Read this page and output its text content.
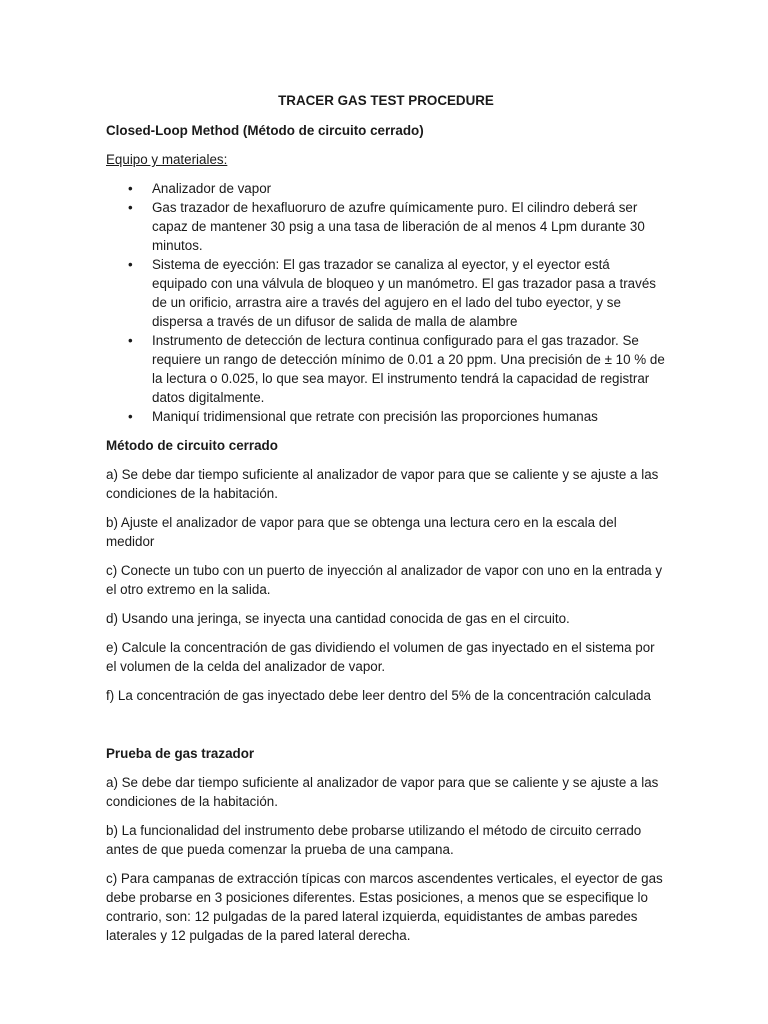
TRACER GAS TEST PROCEDURE
Closed-Loop Method (Método de circuito cerrado)
Equipo y materiales:
• Analizador de vapor
• Gas trazador de hexafluoruro de azufre químicamente puro. El cilindro deberá ser capaz de mantener 30 psig a una tasa de liberación de al menos 4 Lpm durante 30 minutos.
• Sistema de eyección: El gas trazador se canaliza al eyector, y el eyector está equipado con una válvula de bloqueo y un manómetro. El gas trazador pasa a través de un orificio, arrastra aire a través del agujero en el lado del tubo eyector, y se dispersa a través de un difusor de salida de malla de alambre
• Instrumento de detección de lectura continua configurado para el gas trazador. Se requiere un rango de detección mínimo de 0.01 a 20 ppm. Una precisión de ± 10 % de la lectura o 0.025, lo que sea mayor. El instrumento tendrá la capacidad de registrar datos digitalmente.
• Maniquí tridimensional que retrate con precisión las proporciones humanas
Método de circuito cerrado

a) Se debe dar tiempo suficiente al analizador de vapor para que se caliente y se ajuste a las condiciones de la habitación.

b) Ajuste el analizador de vapor para que se obtenga una lectura cero en la escala del medidor

c) Conecte un tubo con un puerto de inyección al analizador de vapor con uno en la entrada y el otro extremo en la salida.

d) Usando una jeringa, se inyecta una cantidad conocida de gas en el circuito.

e) Calcule la concentración de gas dividiendo el volumen de gas inyectado en el sistema por el volumen de la celda del analizador de vapor.

f) La concentración de gas inyectado debe leer dentro del 5% de la concentración calculada

Prueba de gas trazador

a) Se debe dar tiempo suficiente al analizador de vapor para que se caliente y se ajuste a las condiciones de la habitación.

b) La funcionalidad del instrumento debe probarse utilizando el método de circuito cerrado antes de que pueda comenzar la prueba de una campana.

c) Para campanas de extracción típicas con marcos ascendentes verticales, el eyector de gas debe probarse en 3 posiciones diferentes. Estas posiciones, a menos que se especifique lo contrario, son: 12 pulgadas de la pared lateral izquierda, equidistantes de ambas paredes laterales y 12 pulgadas de la pared lateral derecha.
